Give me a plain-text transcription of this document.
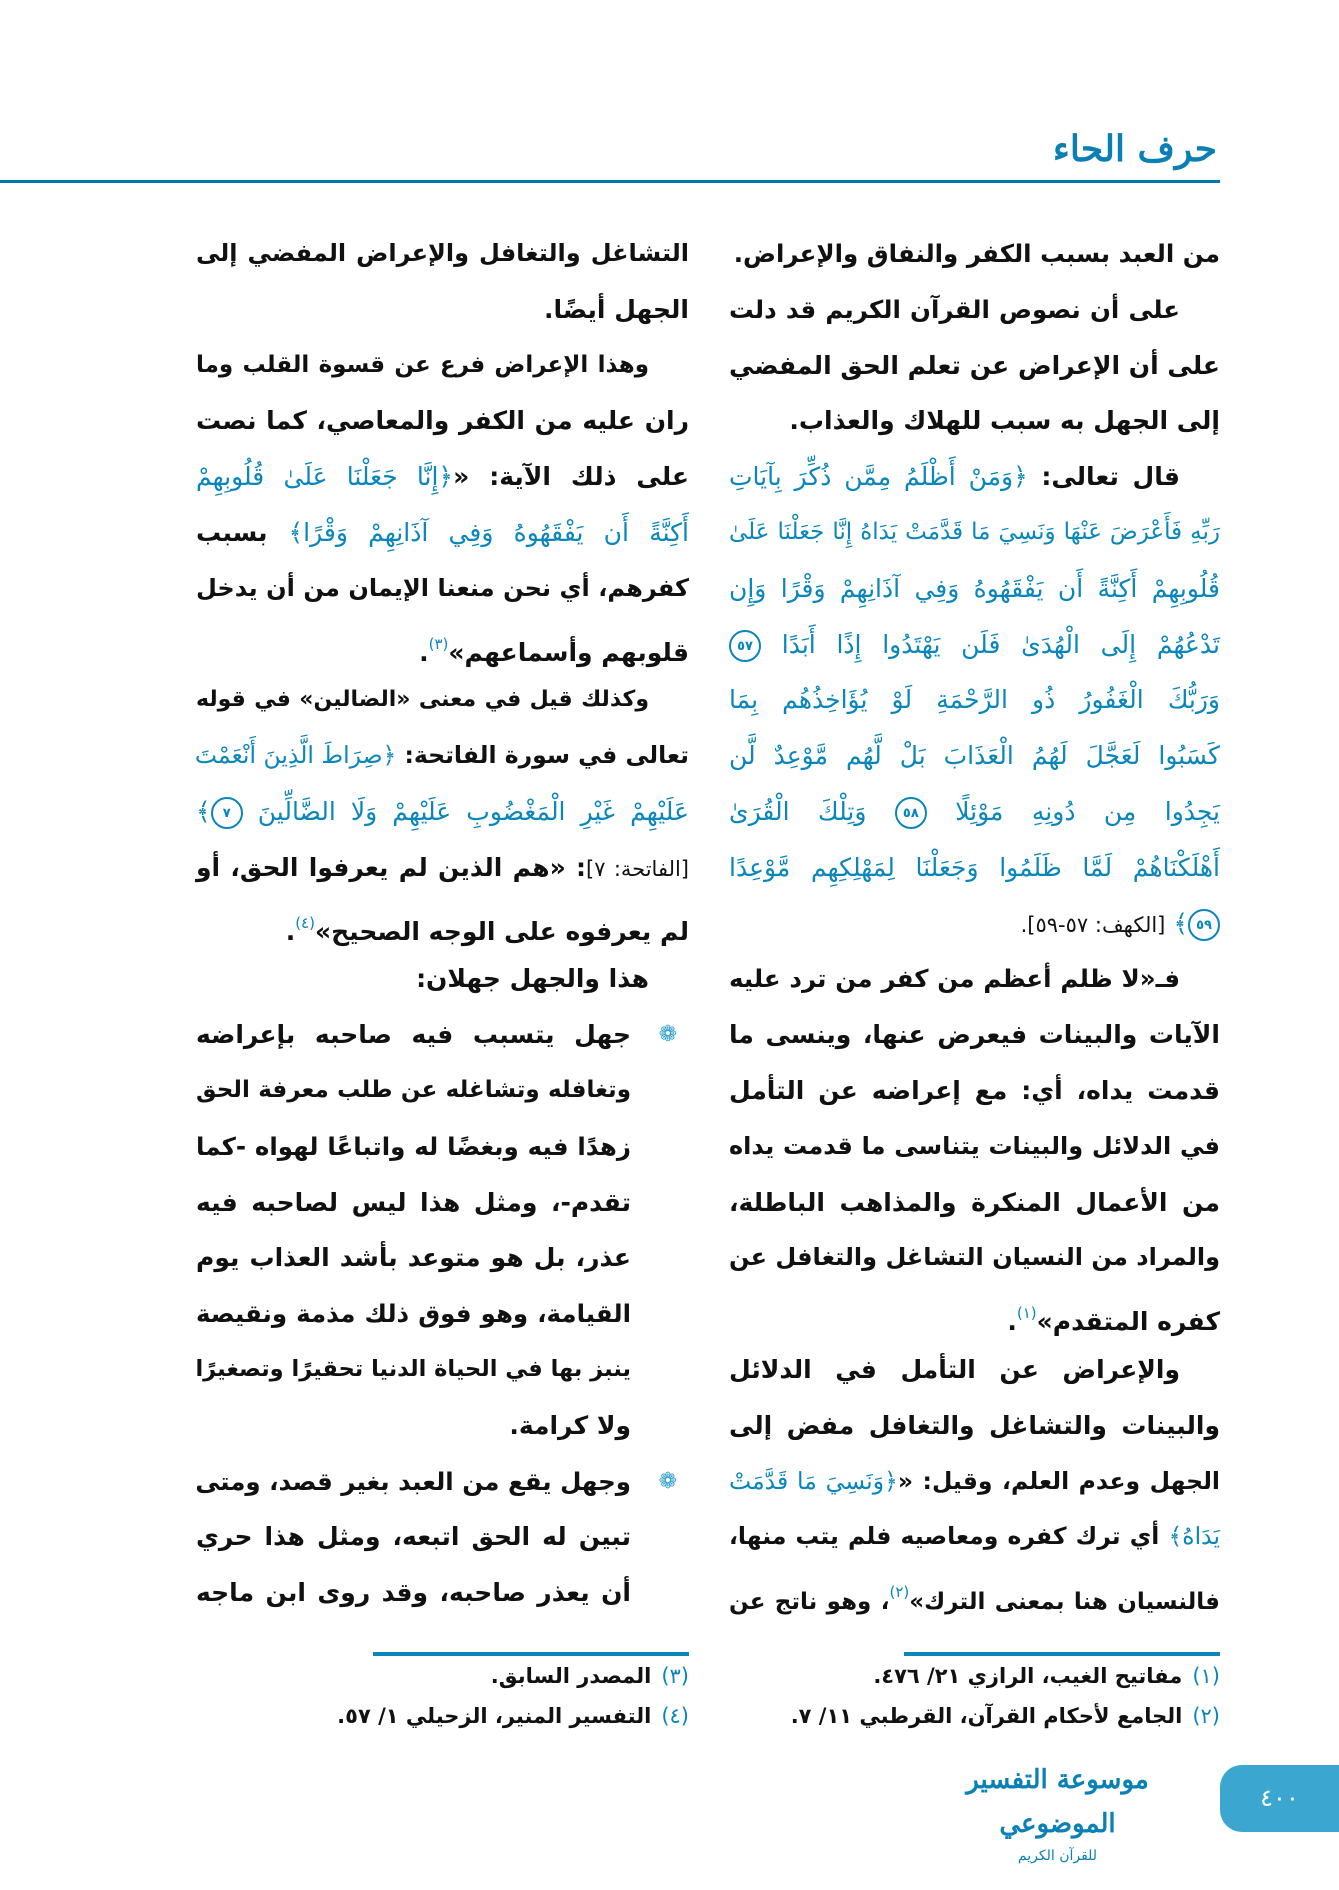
حرف الحاء
من العبد بسبب الكفر والنفاق والإعراض.
على أن نصوص القرآن الكريم قد دلت
على أن الإعراض عن تعلم الحق المفضي
إلى الجهل به سبب للهلاك والعذاب.
قال تعالى: ﴿وَمَنْ أَظْلَمُ مِمَّن ذُكِّرَ بِآيَاتِ
رَبِّهِ فَأَعْرَضَ عَنْهَا وَنَسِيَ مَا قَدَّمَتْ يَدَاهُ إِنَّا جَعَلْنَا عَلَىٰ
قُلُوبِهِمْ أَكِنَّةً أَن يَفْقَهُوهُ وَفِي آذَانِهِمْ وَقْرًا وَإِن
تَدْعُهُمْ إِلَى الْهُدَىٰ فَلَن يَهْتَدُوا إِذًا أَبَدًا ٥٧
وَرَبُّكَ الْغَفُورُ ذُو الرَّحْمَةِ لَوْ يُؤَاخِذُهُم بِمَا
كَسَبُوا لَعَجَّلَ لَهُمُ الْعَذَابَ بَلْ لَّهُم مَّوْعِدٌ لَّن
يَجِدُوا مِن دُونِهِ مَوْئِلًا ٥٨ وَتِلْكَ الْقُرَىٰ
أَهْلَكْنَاهُمْ لَمَّا ظَلَمُوا وَجَعَلْنَا لِمَهْلِكِهِم مَّوْعِدًا
٥٩﴾ [الكهف: ٥٧-٥٩].
فـ«لا ظلم أعظم من كفر من ترد عليه
الآيات والبينات فيعرض عنها، وينسى ما
قدمت يداه، أي: مع إعراضه عن التأمل
في الدلائل والبينات يتناسى ما قدمت يداه
من الأعمال المنكرة والمذاهب الباطلة،
والمراد من النسيان التشاغل والتغافل عن
كفره المتقدم»$^{(١)}$.
والإعراض عن التأمل في الدلائل
والبينات والتشاغل والتغافل مفض إلى
الجهل وعدم العلم، وقيل: «﴿وَنَسِيَ مَا قَدَّمَتْ
يَدَاهُ﴾ أي ترك كفره ومعاصيه فلم يتب منها،
فالنسيان هنا بمعنى الترك»$^{(٢)}$، وهو ناتج عن
التشاغل والتغافل والإعراض المفضي إلى
الجهل أيضًا.
وهذا الإعراض فرع عن قسوة القلب وما
ران عليه من الكفر والمعاصي، كما نصت
على ذلك الآية: «﴿إِنَّا جَعَلْنَا عَلَىٰ قُلُوبِهِمْ
أَكِنَّةً أَن يَفْقَهُوهُ وَفِي آذَانِهِمْ وَقْرًا﴾ بسبب
كفرهم، أي نحن منعنا الإيمان من أن يدخل
قلوبهم وأسماعهم»$^{(٣)}$.
وكذلك قيل في معنى «الضالين» في قوله
تعالى في سورة الفاتحة: ﴿صِرَاطَ الَّذِينَ أَنْعَمْتَ
عَلَيْهِمْ غَيْرِ الْمَغْضُوبِ عَلَيْهِمْ وَلَا الضَّالِّينَ ٧﴾
[الفاتحة: ٧]: «هم الذين لم يعرفوا الحق، أو
لم يعرفوه على الوجه الصحيح»$^{(٤)}$.
هذا والجهل جهلان:
❁
جهل يتسبب فيه صاحبه بإعراضه
وتغافله وتشاغله عن طلب معرفة الحق
زهدًا فيه وبغضًا له واتباعًا لهواه -كما
تقدم-، ومثل هذا ليس لصاحبه فيه
عذر، بل هو متوعد بأشد العذاب يوم
القيامة، وهو فوق ذلك مذمة ونقيصة
ينبز بها في الحياة الدنيا تحقيرًا وتصغيرًا
ولا كرامة.
❁
وجهل يقع من العبد بغير قصد، ومتى
تبين له الحق اتبعه، ومثل هذا حري
أن يعذر صاحبه، وقد روى ابن ماجه
(١)مفاتيح الغيب، الرازي ٢١/ ٤٧٦.
(٢)الجامع لأحكام القرآن، القرطبي ١١/ ٧.
(٣)المصدر السابق.
(٤)التفسير المنير، الزحيلي ١/ ٥٧.
موسوعة التفسير الموضوعي
للقرآن الكريم
٤٠٠
